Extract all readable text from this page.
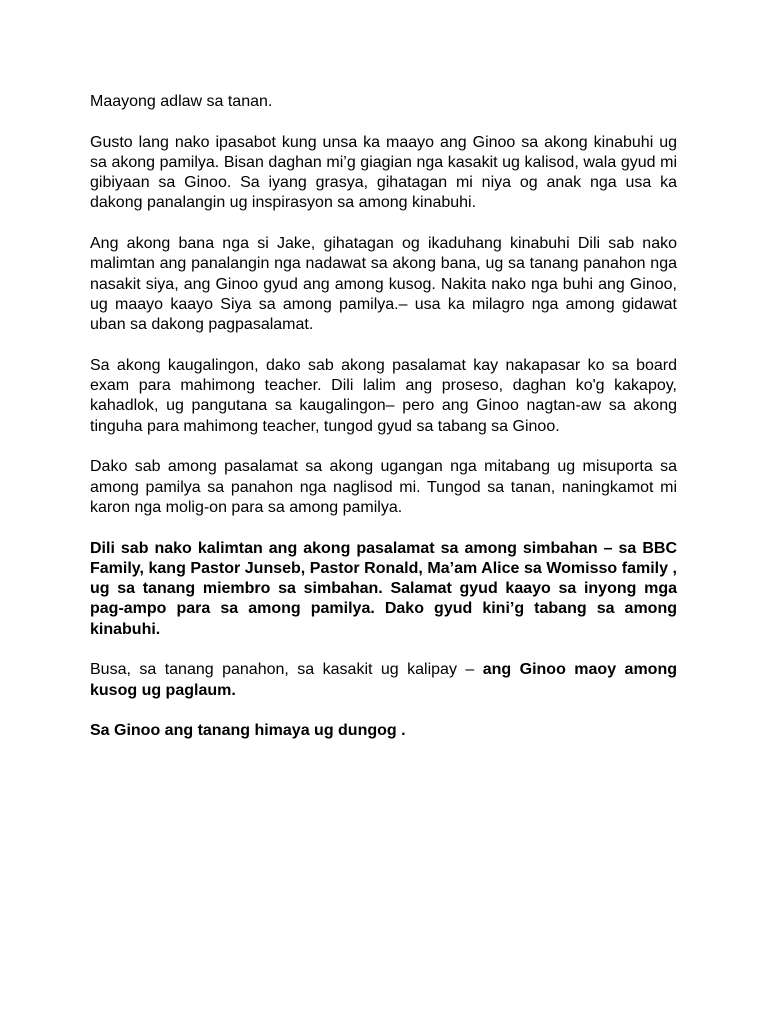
Maayong adlaw sa tanan.

Gusto lang nako ipasabot kung unsa ka maayo ang Ginoo sa akong kinabuhi ug sa akong pamilya. Bisan daghan mi’g giagian nga kasakit ug kalisod, wala gyud mi gibiyaan sa Ginoo. Sa iyang grasya, gihatagan mi niya og anak nga usa ka dakong panalangin ug inspirasyon sa among kinabuhi.

Ang akong bana nga si Jake, gihatagan og ikaduhang kinabuhi Dili sab nako malimtan ang panalangin nga nadawat sa akong bana, ug sa tanang panahon nga nasakit siya, ang Ginoo gyud ang among kusog. Nakita nako nga buhi ang Ginoo, ug maayo kaayo Siya sa among pamilya.– usa ka milagro nga among gidawat uban sa dakong pagpasalamat.

Sa akong kaugalingon, dako sab akong pasalamat kay nakapasar ko sa board exam para mahimong teacher. Dili lalim ang proseso, daghan ko'g kakapoy, kahadlok, ug pangutana sa kaugalingon– pero ang Ginoo nagtan-aw sa akong tinguha para mahimong teacher, tungod gyud sa tabang sa Ginoo.

Dako sab among pasalamat sa akong ugangan nga mitabang ug misuporta sa among pamilya sa panahon nga naglisod mi. Tungod sa tanan, naningkamot mi karon nga molig-on para sa among pamilya.

Dili sab nako kalimtan ang akong pasalamat sa among simbahan – sa BBC Family, kang Pastor Junseb, Pastor Ronald, Ma’am Alice sa Womisso family , ug sa tanang miembro sa simbahan. Salamat gyud kaayo sa inyong mga pag-ampo para sa among pamilya. Dako gyud kini’g tabang sa among kinabuhi.

Busa, sa tanang panahon, sa kasakit ug kalipay – ang Ginoo maoy among kusog ug paglaum.

Sa Ginoo ang tanang himaya ug dungog .
